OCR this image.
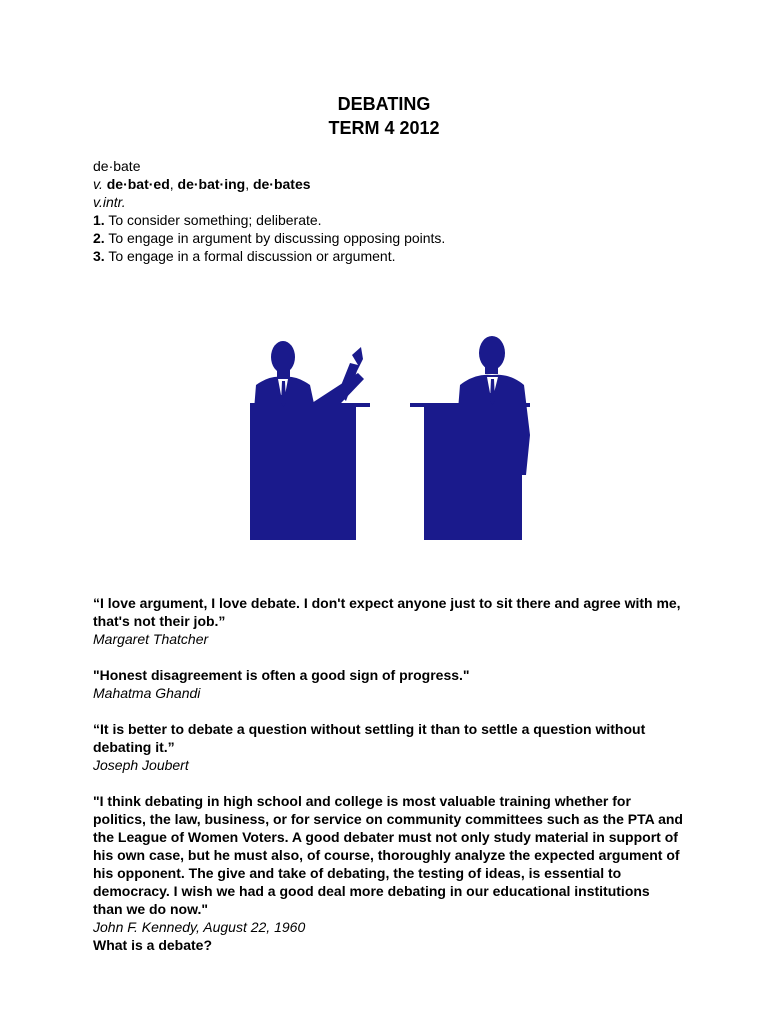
DEBATING
TERM 4 2012
de·bate
v. de·bat·ed, de·bat·ing, de·bates
v.intr.
1. To consider something; deliberate.
2. To engage in argument by discussing opposing points.
3. To engage in a formal discussion or argument.
“I love argument, I love debate. I don't expect anyone just to sit there and agree with me, that's not their job.”
Margaret Thatcher
"Honest disagreement is often a good sign of progress."
Mahatma Ghandi
“It is better to debate a question without settling it than to settle a question without debating it.”
Joseph Joubert
"I think debating in high school and college is most valuable training whether for politics, the law, business, or for service on community committees such as the PTA and the League of Women Voters. A good debater must not only study material in support of his own case, but he must also, of course, thoroughly analyze the expected argument of his opponent. The give and take of debating, the testing of ideas, is essential to democracy. I wish we had a good deal more debating in our educational institutions than we do now."
John F. Kennedy, August 22, 1960
What is a debate?
